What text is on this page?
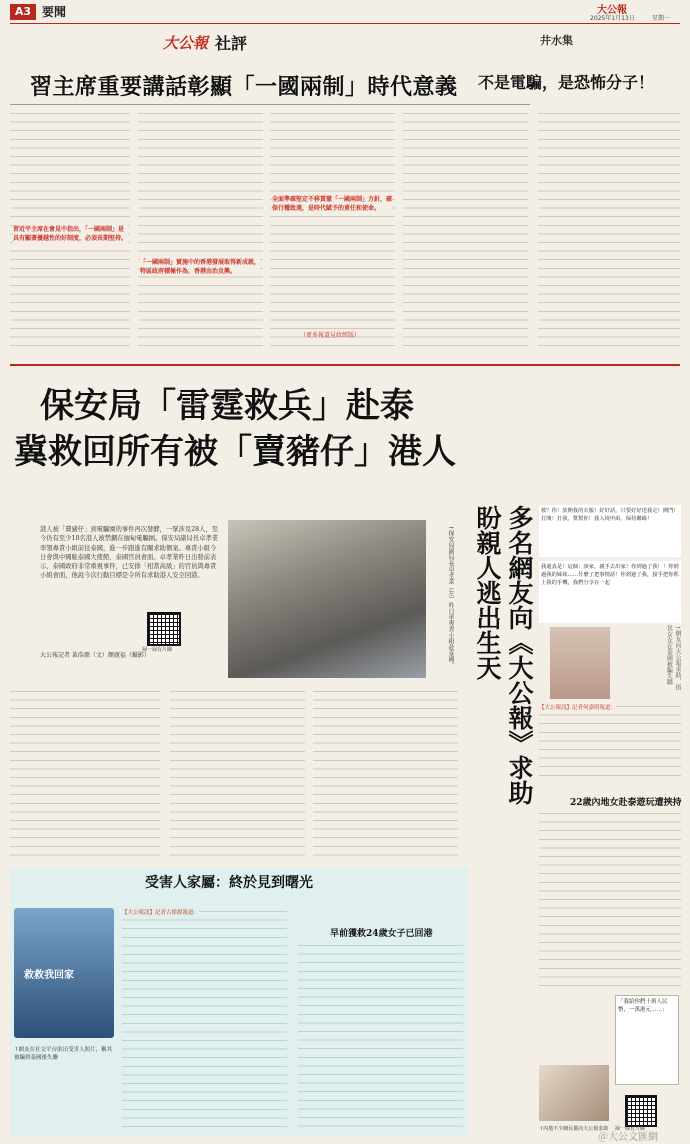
A3 要聞	大公報
2025年1月13日	星期一
大公報 社評
習主席重要講話彰顯「一國兩制」時代意義
習近平主席在會見中指出，「一國兩制」是具有顯著優越性的好制度，必須長期堅持。
「一國兩制」實施中的香港發展取得新成就，特區政府積極作為，香港由治及興。
全面準確堅定不移貫徹「一國兩制」方針，確保行穩致遠，是時代賦予的責任和使命。
（更多報道見政經版）
井水集
不是電騙，是恐怖分子！
保安局「雷霆救兵」赴泰
冀救回所有被「賣豬仔」港人
港人被「賣豬仔」到電騙園的事件再次發酵，一眾涉及28人，至今仍有至少10名港人被禁錮在緬甸電騙園。保安局副局長卓孝業率領專責小組前往泰國，進一步跟進有關求助個案。專責小組今日會與中國駐泰國大使館、泰國官員會面。卓孝業昨日出發前表示，泰國政府非常重視事件，已安排「相當高級」的官員與專責小組會面，他說今次行動目標是令所有求助港人安全回港。
大公報記者 黃浩源（文）顏廣福（攝影）
掃一掃有片睇	↑保安局副局長卓孝業（左）昨日率專責小組赴泰國。
救？你！放開我的衣服！好好話，只要好好送我走！開門！打開！打我，幫幫你！我入境申訴，保持聯絡！
我還真是！這個：該家，親手去出家！你到過了我！！你到過我的姊妹……什麼了把事情話！你到過了我，接手把你抓上我的手機，我們分享在一起
↑網友向大公報求助，指其女友在泰國被騙失聯
多名網友向《大公報》求助 盼親人逃出生天
【大公報訊】記者何嘉明報道：
22歲內地女赴泰遊玩遭挾持
「我給你們十萬人民幣，一萬港元……」
掃一掃有片睇
↑內地不少網民都向大公報求助
受害人家屬：終於見到曙光
救救我回家
↑網友在社交平台貼出受害人照片，稱其被騙到泰國後失聯
【大公報訊】記者古偉源報道：
早前獲救24歲女子已回港
＠大公文匯網
